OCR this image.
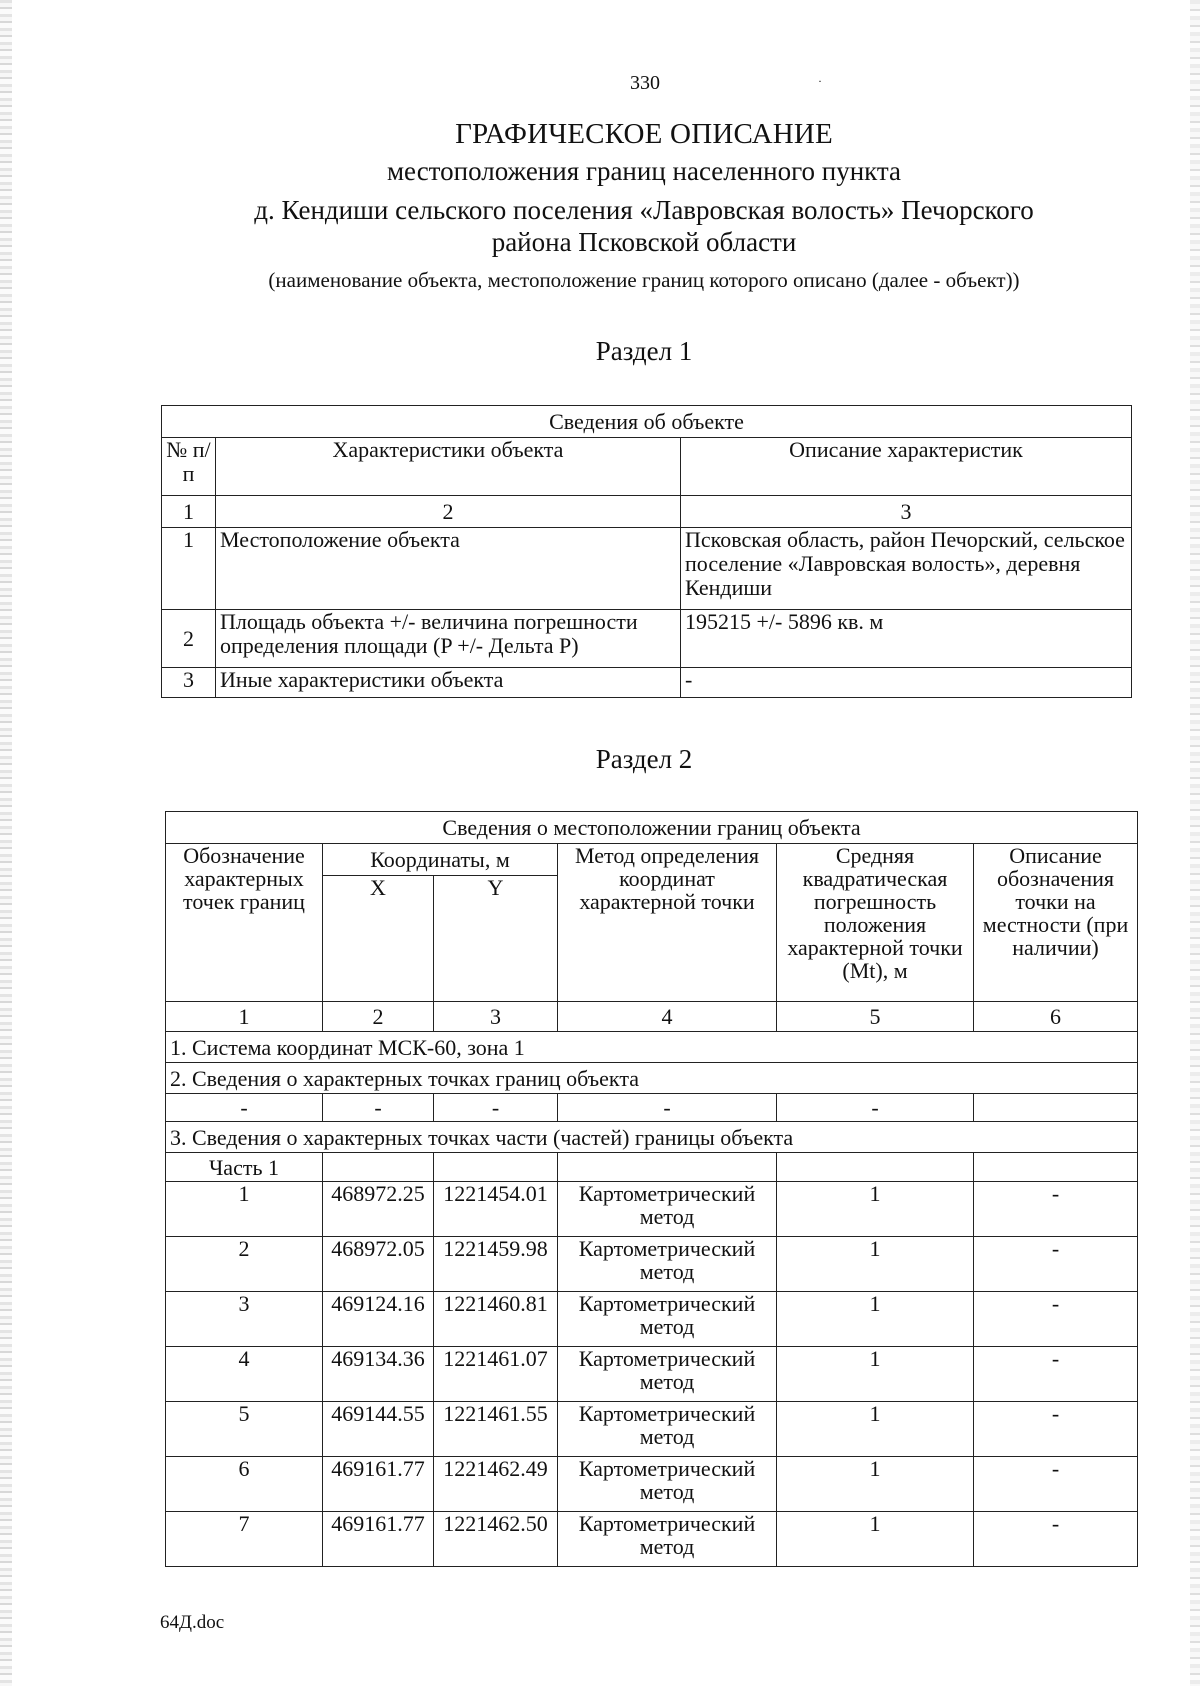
330	·
ГРАФИЧЕСКОЕ ОПИСАНИЕ
местоположения границ населенного пункта
д. Кендиши сельского поселения «Лавровская волость» Печорского
района Псковской области
(наименование объекта, местоположение границ которого описано (далее - объект))
Раздел 1
Сведения об объекте		
№ п/п	Характеристики объекта	Описание характеристик
1	2	3
1	Местоположение объекта	Псковская область, район Печорский, сельское поселение «Лавровская волость», деревня Кендиши
2	Площадь объекта +/- величина погрешности определения площади (P +/- Дельта P)	195215 +/- 5896 кв. м
3	Иные характеристики объекта	-
Раздел 2
Сведения о местоположении границ объекта					
Обозначение характерных точек границ	Координаты, м		Метод определения координат характерной точки	Средняя квадратическая погрешность положения характерной точки (Mt), м	Описание обозначения точки на местности (при наличии)
	X	Y			
1	2	3	4	5	6
1. Система координат МСК-60, зона 1					
2. Сведения о характерных точках границ объекта					
-	-	-	-	-	
3. Сведения о характерных точках части (частей) границы объекта					
Часть 1					
1	468972.25	1221454.01	Картометрический метод	1	-
2	468972.05	1221459.98	Картометрический метод	1	-
3	469124.16	1221460.81	Картометрический метод	1	-
4	469134.36	1221461.07	Картометрический метод	1	-
5	469144.55	1221461.55	Картометрический метод	1	-
6	469161.77	1221462.49	Картометрический метод	1	-
7	469161.77	1221462.50	Картометрический метод	1	-
64Д.doc
